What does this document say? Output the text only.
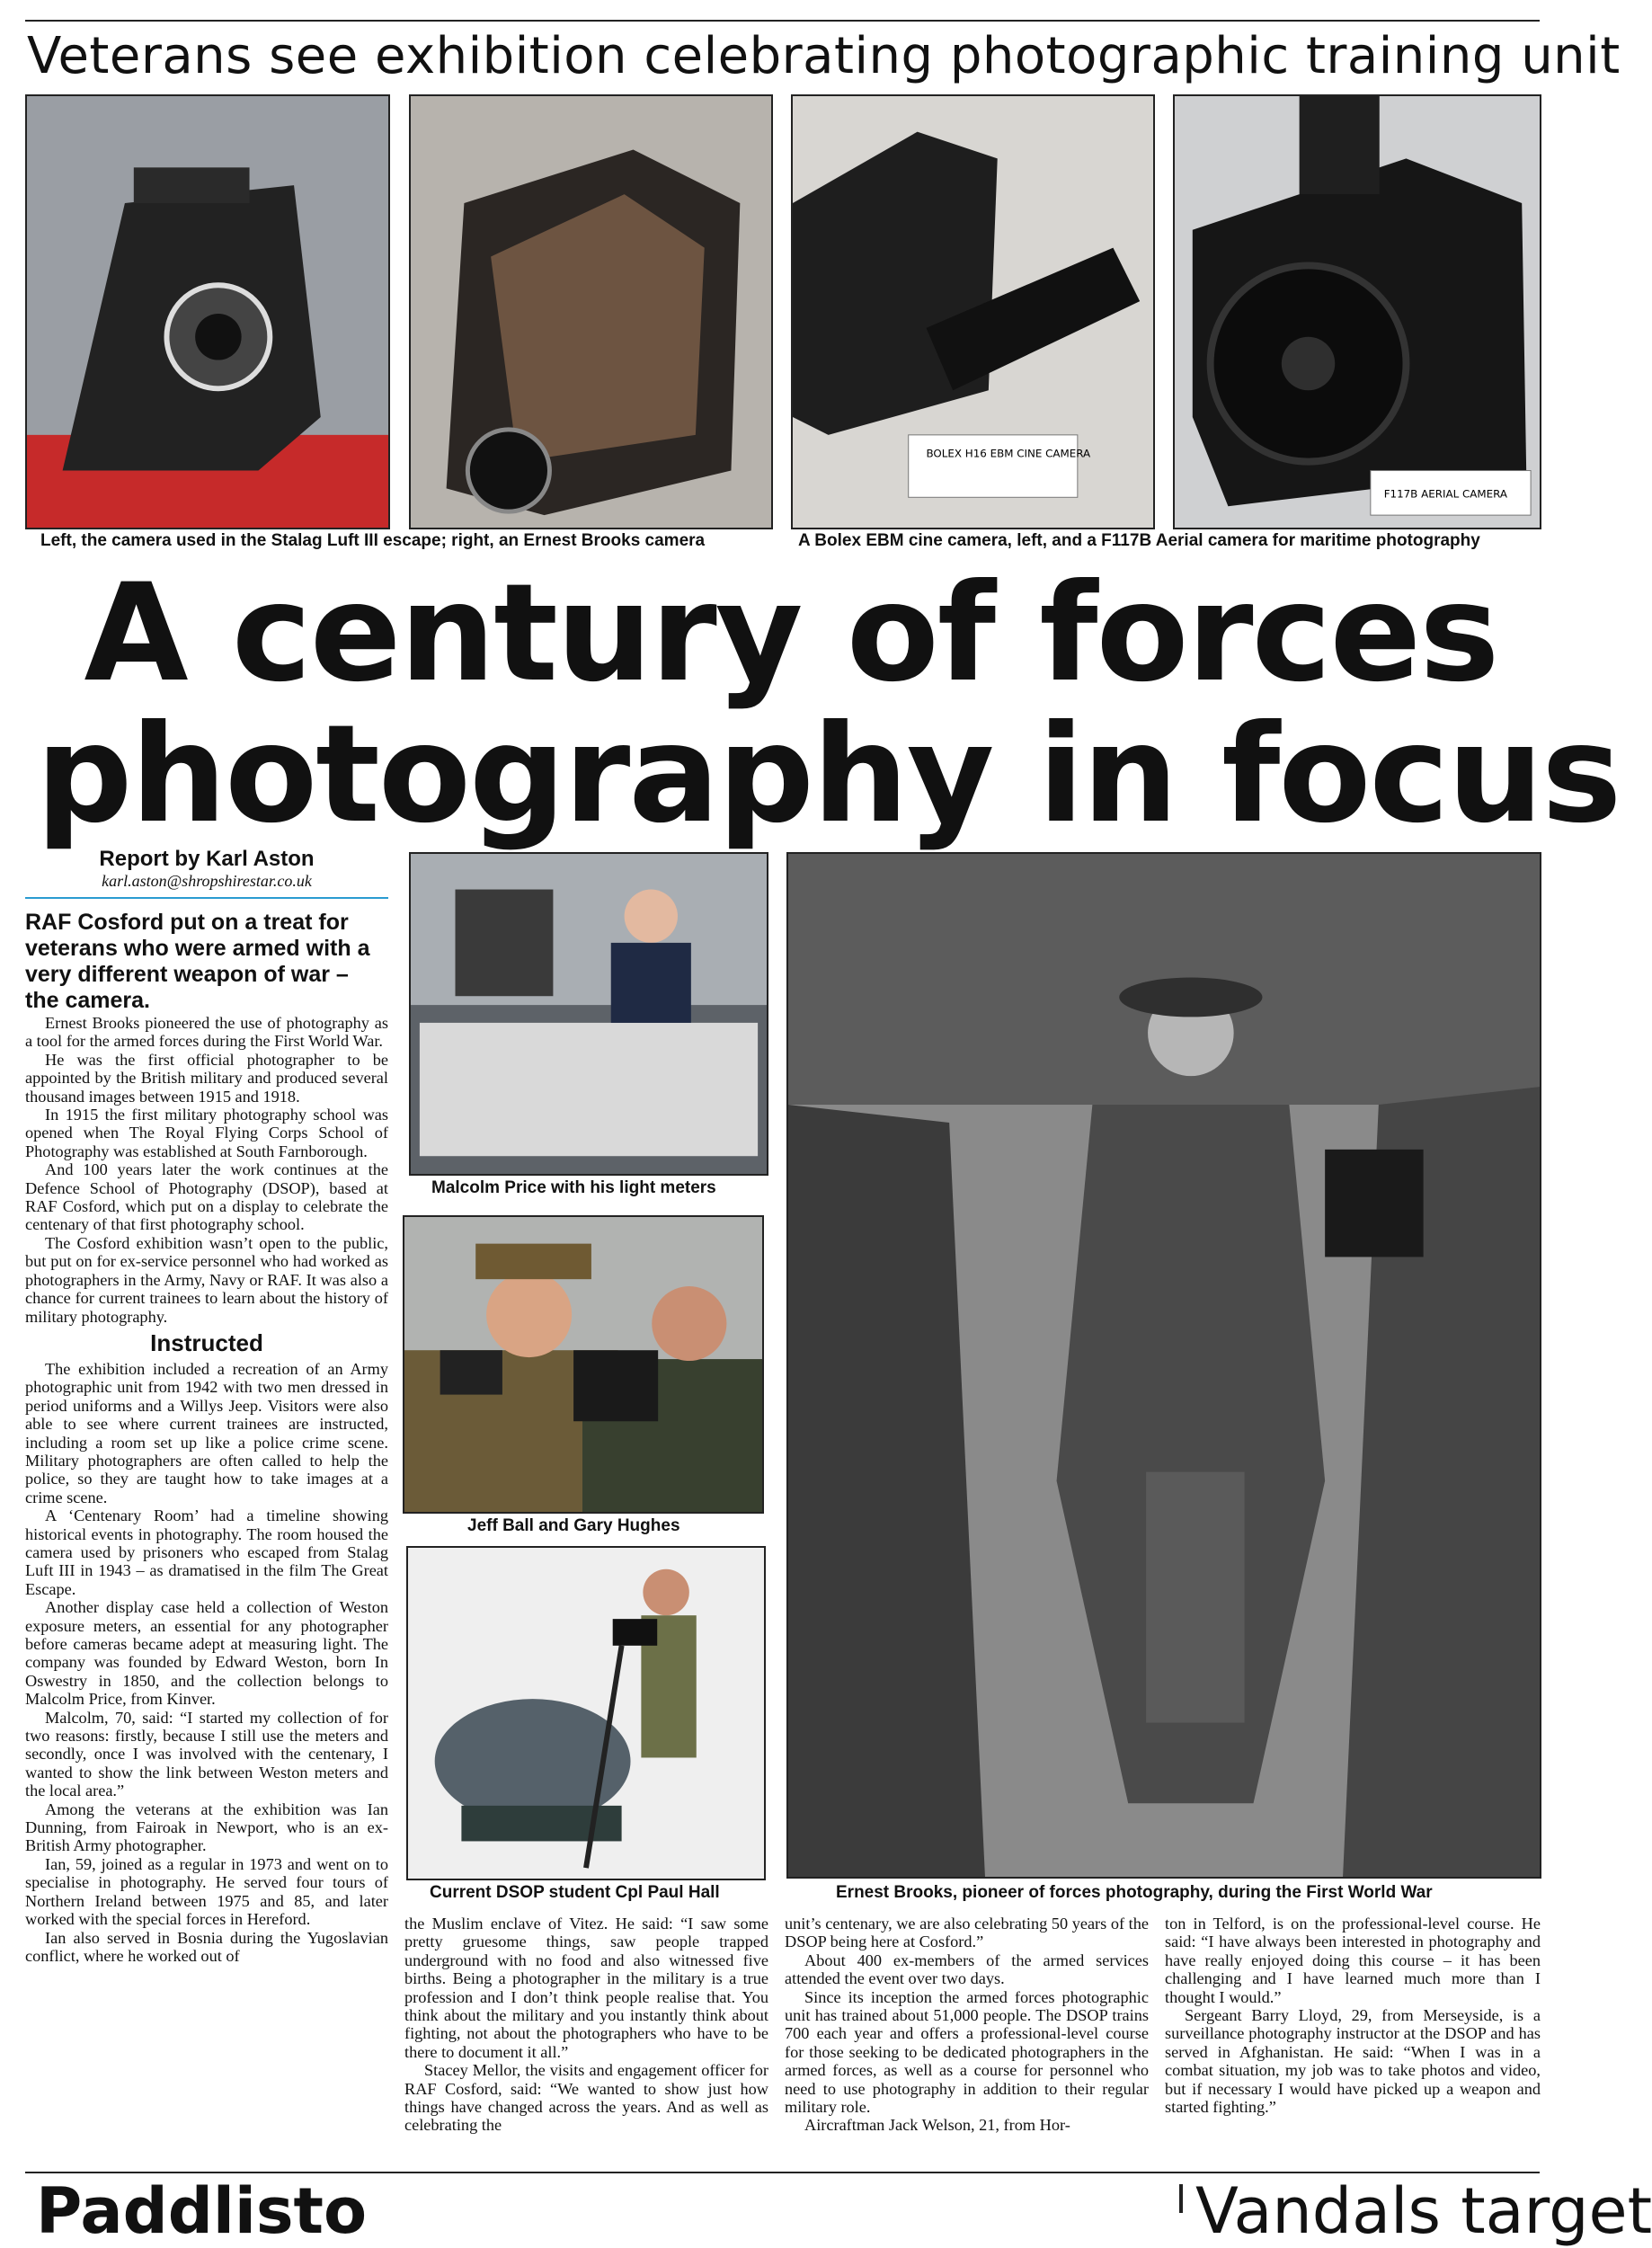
Veterans see exhibition celebrating photographic training unit
BOLEX H16 EBM CINE CAMERA
F117B AERIAL CAMERA
Left, the camera used in the Stalag Luft III escape; right, an Ernest Brooks camera	A Bolex EBM cine camera, left, and a F117B Aerial camera for maritime photography
A century of forces
photography in focus
Report by Karl Aston
karl.aston@shropshirestar.co.uk

RAF Cosford put on a treat for veterans who were armed with a very different weapon of war – the camera.

Ernest Brooks pioneered the use of photography as a tool for the armed forces during the First World War.

He was the first official photographer to be appointed by the British military and produced several thousand images between 1915 and 1918.

In 1915 the first military photography school was opened when The Royal Flying Corps School of Photography was established at South Farnborough.

And 100 years later the work continues at the Defence School of Photography (DSOP), based at RAF Cosford, which put on a display to celebrate the centenary of that first photography school.

The Cosford exhibition wasn’t open to the public, but put on for ex-service personnel who had worked as photographers in the Army, Navy or RAF. It was also a chance for current trainees to learn about the history of military photography.

Instructed

The exhibition included a recreation of an Army photographic unit from 1942 with two men dressed in period uniforms and a Willys Jeep. Visitors were also able to see where current trainees are instructed, including a room set up like a police crime scene. Military photographers are often called to help the police, so they are taught how to take images at a crime scene.

A ‘Centenary Room’ had a timeline showing historical events in photography. The room housed the camera used by prisoners who escaped from Stalag Luft III in 1943 – as dramatised in the film The Great Escape.

Another display case held a collection of Weston exposure meters, an essential for any photographer before cameras became adept at measuring light. The company was founded by Edward Weston, born In Oswestry in 1850, and the collection belongs to Malcolm Price, from Kinver.

Malcolm, 70, said: “I started my collection of for two reasons: firstly, because I still use the meters and secondly, once I was involved with the centenary, I wanted to show the link between Weston meters and the local area.”

Among the veterans at the exhibition was Ian Dunning, from Fairoak in Newport, who is an ex-British Army photographer.

Ian, 59, joined as a regular in 1973 and went on to specialise in photography. He served four tours of Northern Ireland between 1975 and 85, and later worked with the special forces in Hereford.

Ian also served in Bosnia during the Yugoslavian conflict, where he worked out of

Malcolm Price with his light meters
Jeff Ball and Gary Hughes
Current DSOP student Cpl Paul Hall	Ernest Brooks, pioneer of forces photography, during the First World War

the Muslim enclave of Vitez. He said: “I saw some pretty gruesome things, saw people trapped underground with no food and also witnessed five births. Being a photographer in the military is a true profession and I don’t think people realise that. You think about the military and you instantly think about fighting, not about the photographers who have to be there to document it all.”

Stacey Mellor, the visits and engagement officer for RAF Cosford, said: “We wanted to show just how things have changed across the years. And as well as celebrating the

unit’s centenary, we are also celebrating 50 years of the DSOP being here at Cosford.”

About 400 ex-members of the armed services attended the event over two days.

Since its inception the armed forces photographic unit has trained about 51,000 people. The DSOP trains 700 each year and offers a professional-level course for those seeking to be dedicated photographers in the armed forces, as well as a course for personnel who need to use photography in addition to their regular military role.

Aircraftman Jack Welson, 21, from Hor-

ton in Telford, is on the professional-level course. He said: “I have always been interested in photography and have really enjoyed doing this course – it has been challenging and I have learned much more than I thought I would.”

Sergeant Barry Lloyd, 29, from Merseyside, is a surveillance photography instructor at the DSOP and has served in Afghanistan. He said: “When I was in a combat situation, my job was to take photos and video, but if necessary I would have picked up a weapon and started fighting.”

Paddlisto	Vandals target
